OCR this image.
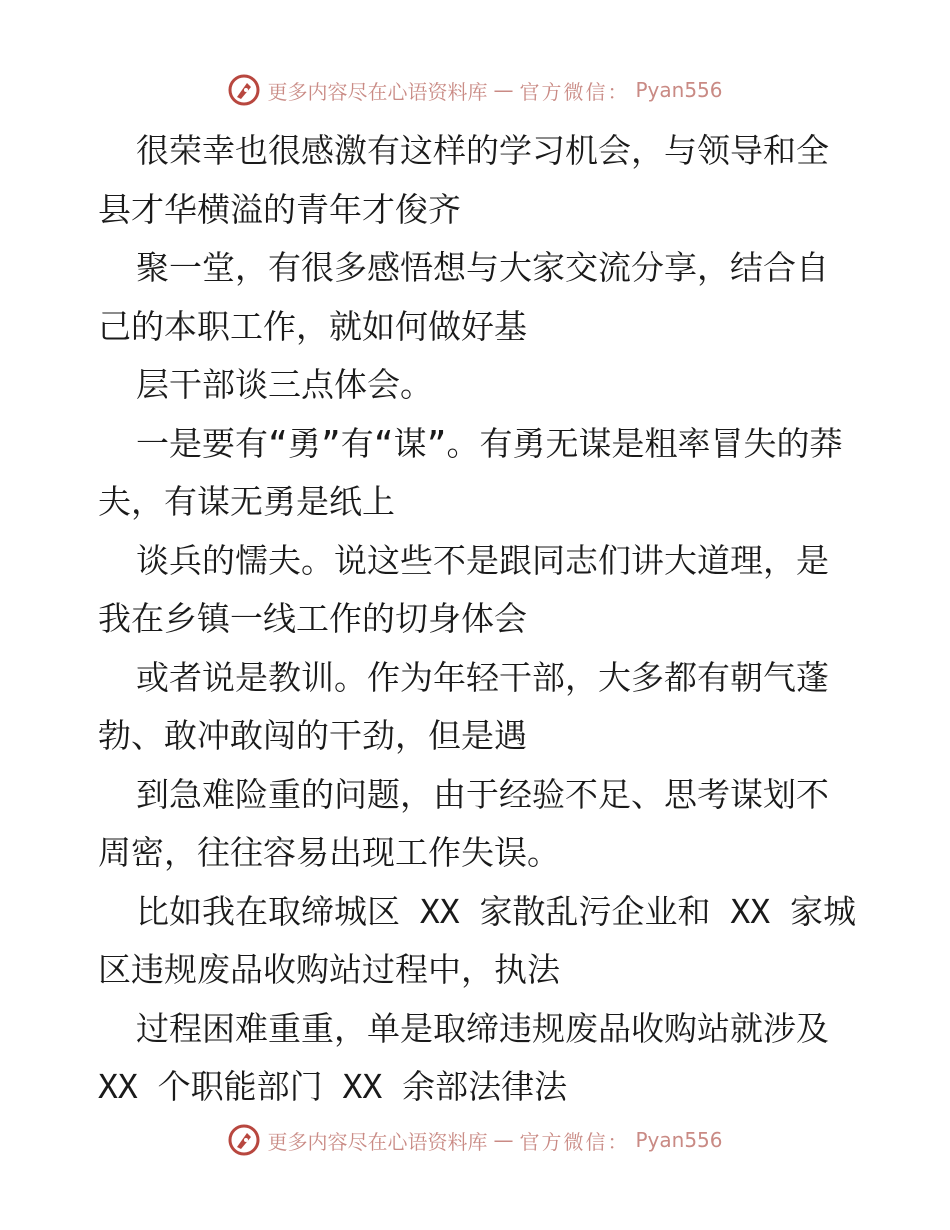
更多内容尽在心语资料库 — 官方微信： Pyan556

很荣幸也很感激有这样的学习机会，与领导和全县才华横溢的青年才俊齐

聚一堂，有很多感悟想与大家交流分享，结合自己的本职工作，就如何做好基

层干部谈三点体会。

一是要有“勇”有“谋”。有勇无谋是粗率冒失的莽夫，有谋无勇是纸上

谈兵的懦夫。说这些不是跟同志们讲大道理，是我在乡镇一线工作的切身体会

或者说是教训。作为年轻干部，大多都有朝气蓬勃、敢冲敢闯的干劲，但是遇

到急难险重的问题，由于经验不足、思考谋划不周密，往往容易出现工作失误。

比如我在取缔城区 XX 家散乱污企业和 XX 家城区违规废品收购站过程中，执法

过程困难重重，单是取缔违规废品收购站就涉及 XX 个职能部门 XX 余部法律法

更多内容尽在心语资料库 — 官方微信： Pyan556
